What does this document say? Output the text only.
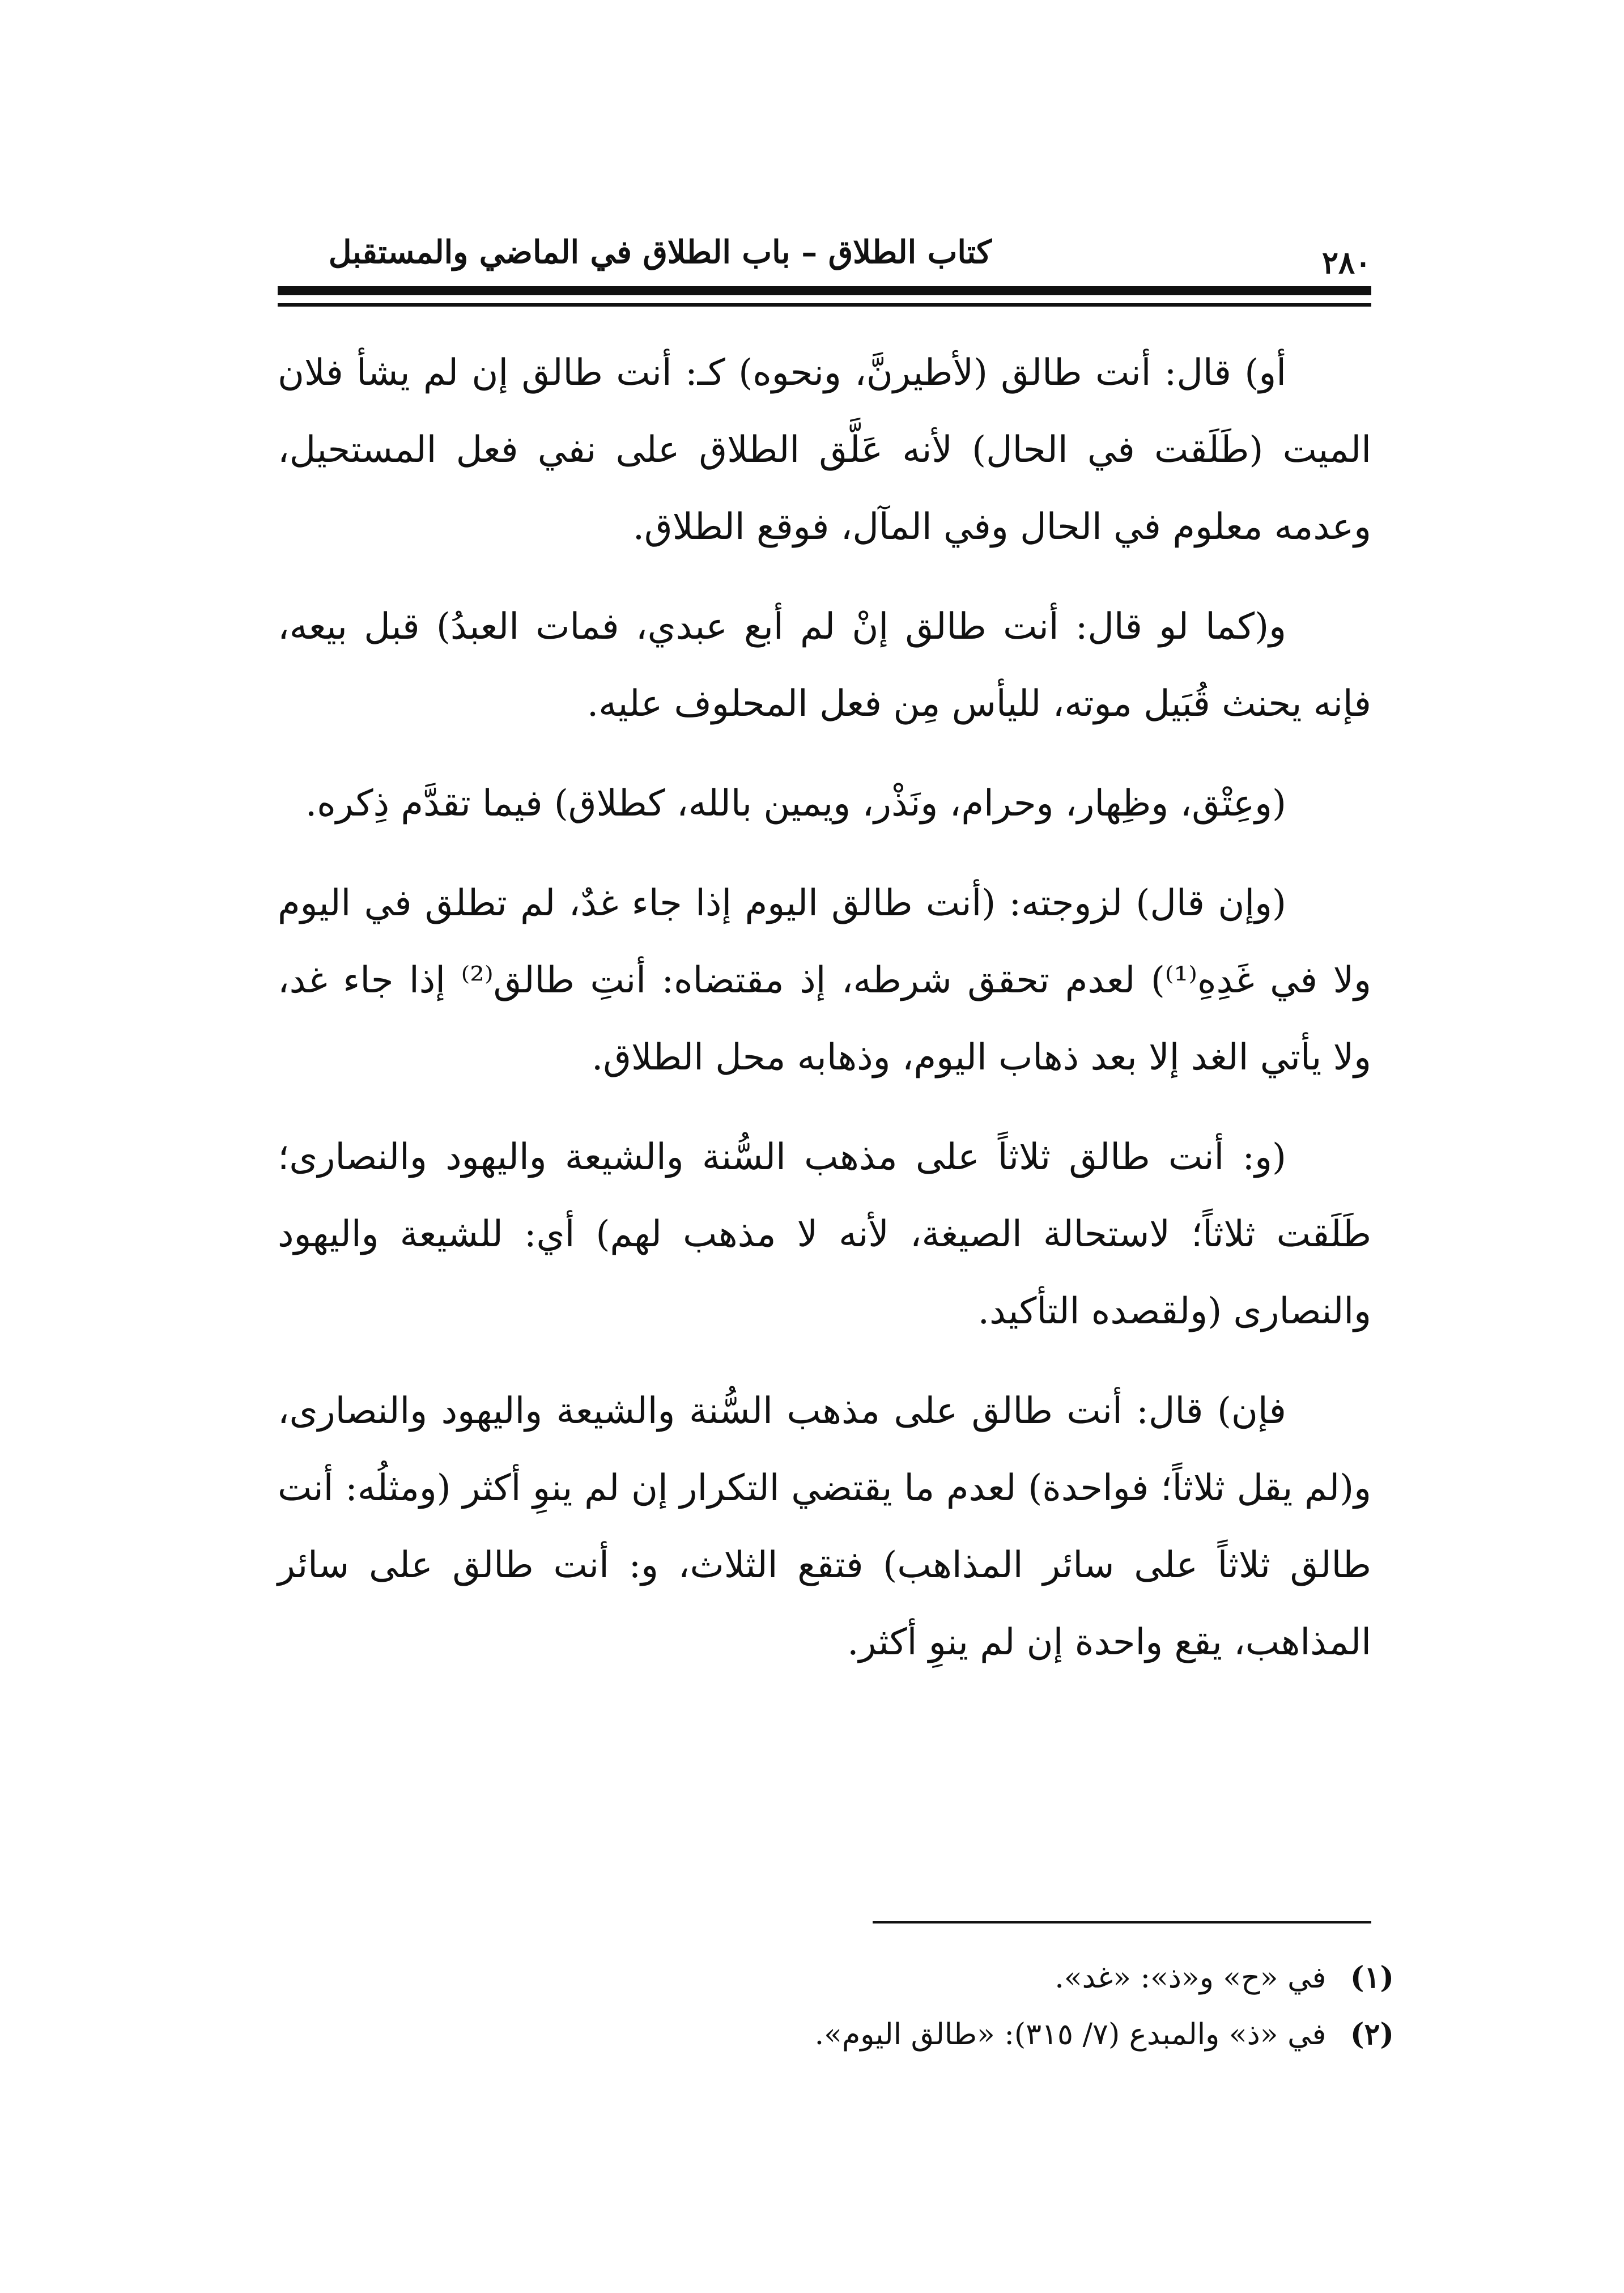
كتاب الطلاق – باب الطلاق في الماضي والمستقبل	٢٨٠

أو) قال: أنت طالق (لأطيرنَّ، ونحوه) كـ: أنت طالق إن لم يشأ فلان الميت (طَلَقت في الحال) لأنه عَلَّق الطلاق على نفي فعل المستحيل، وعدمه معلوم في الحال وفي المآل، فوقع الطلاق.

و(كما لو قال: أنت طالق إنْ لم أبع عبدي، فمات العبدُ) قبل بيعه، فإنه يحنث قُبَيل موته، لليأس مِن فعل المحلوف عليه.

(وعِتْق، وظِهار، وحرام، ونَذْر، ويمين بالله، كطلاق) فيما تقدَّم ذِكره.

(وإن قال) لزوجته: (أنت طالق اليوم إذا جاء غدٌ، لم تطلق في اليوم ولا في غَدِهِ⁽¹⁾) لعدم تحقق شرطه، إذ مقتضاه: أنتِ طالق⁽²⁾ إذا جاء غد، ولا يأتي الغد إلا بعد ذهاب اليوم، وذهابه محل الطلاق.

(و: أنت طالق ثلاثاً على مذهب السُّنة والشيعة واليهود والنصارى؛ طَلَقت ثلاثاً؛ لاستحالة الصيغة، لأنه لا مذهب لهم) أي: للشيعة واليهود والنصارى (ولقصده التأكيد.

فإن) قال: أنت طالق على مذهب السُّنة والشيعة واليهود والنصارى، و(لم يقل ثلاثاً؛ فواحدة) لعدم ما يقتضي التكرار إن لم ينوِ أكثر (ومثلُه: أنت طالق ثلاثاً على سائر المذاهب) فتقع الثلاث، و: أنت طالق على سائر المذاهب، يقع واحدة إن لم ينوِ أكثر.

(١) في «ح» و«ذ»: «غد».

(٢) في «ذ» والمبدع (٧/ ٣١٥): «طالق اليوم».
